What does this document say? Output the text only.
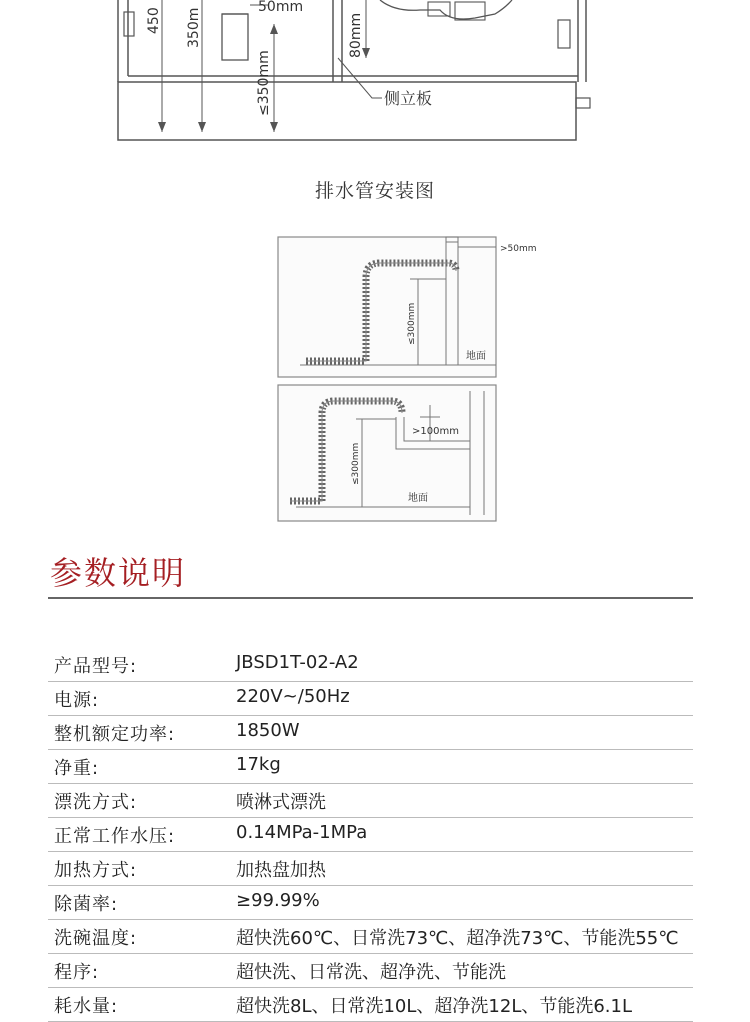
450 350m
50mm
≤350mm
80mm
侧立板
排水管安装图
>50mm
≤300mm
地面
>100mm
≤300mm
地面
参数说明
产品型号:	JBSD1T-02-A2
电源:	220V~/50Hz
整机额定功率:	1850W
净重:	17kg
漂洗方式:	喷淋式漂洗
正常工作水压:	0.14MPa-1MPa
加热方式:	加热盘加热
除菌率:	≥99.99%
洗碗温度:	超快洗60℃、日常洗73℃、超净洗73℃、节能洗55℃
程序:	超快洗、日常洗、超净洗、节能洗
耗水量:	超快洗8L、日常洗10L、超净洗12L、节能洗6.1L
